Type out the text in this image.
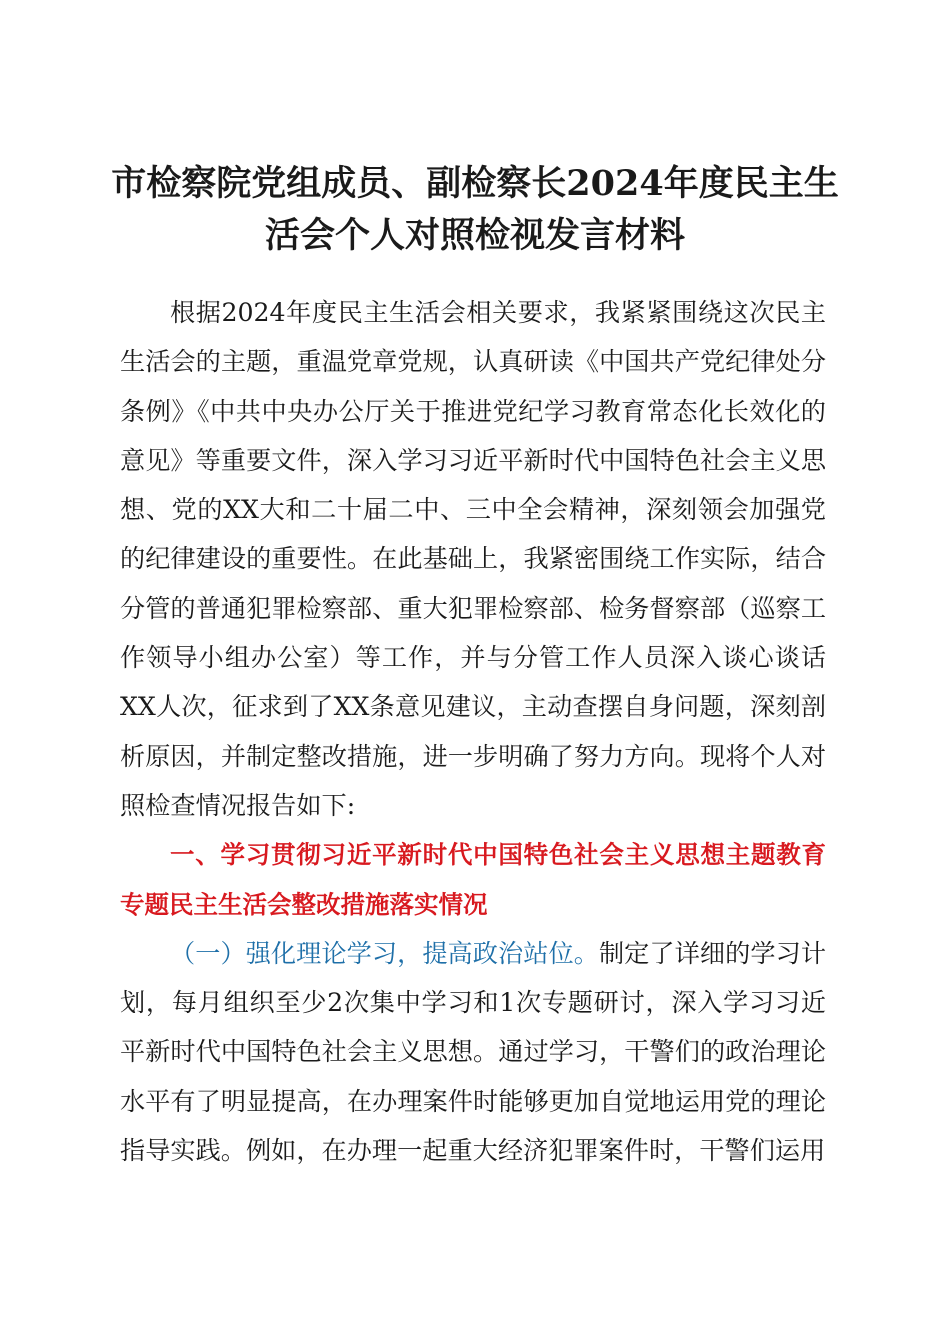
市检察院党组成员、副检察长2024年度民主生
活会个人对照检视发言材料

根据2024年度民主生活会相关要求，我紧紧围绕这次民主生活会的主题，重温党章党规，认真研读《中国共产党纪律处分条例》《中共中央办公厅关于推进党纪学习教育常态化长效化的意见》等重要文件，深入学习习近平新时代中国特色社会主义思想、党的XX大和二十届二中、三中全会精神，深刻领会加强党的纪律建设的重要性。在此基础上，我紧密围绕工作实际，结合分管的普通犯罪检察部、重大犯罪检察部、检务督察部（巡察工作领导小组办公室）等工作，并与分管工作人员深入谈心谈话XX人次，征求到了XX条意见建议，主动查摆自身问题，深刻剖析原因，并制定整改措施，进一步明确了努力方向。现将个人对照检查情况报告如下:

一、学习贯彻习近平新时代中国特色社会主义思想主题教育专题民主生活会整改措施落实情况

（一）强化理论学习，提高政治站位。制定了详细的学习计划，每月组织至少2次集中学习和1次专题研讨，深入学习习近平新时代中国特色社会主义思想。通过学习，干警们的政治理论水平有了明显提高，在办理案件时能够更加自觉地运用党的理论指导实践。例如，在办理一起重大经济犯罪案件时，干警们运用
